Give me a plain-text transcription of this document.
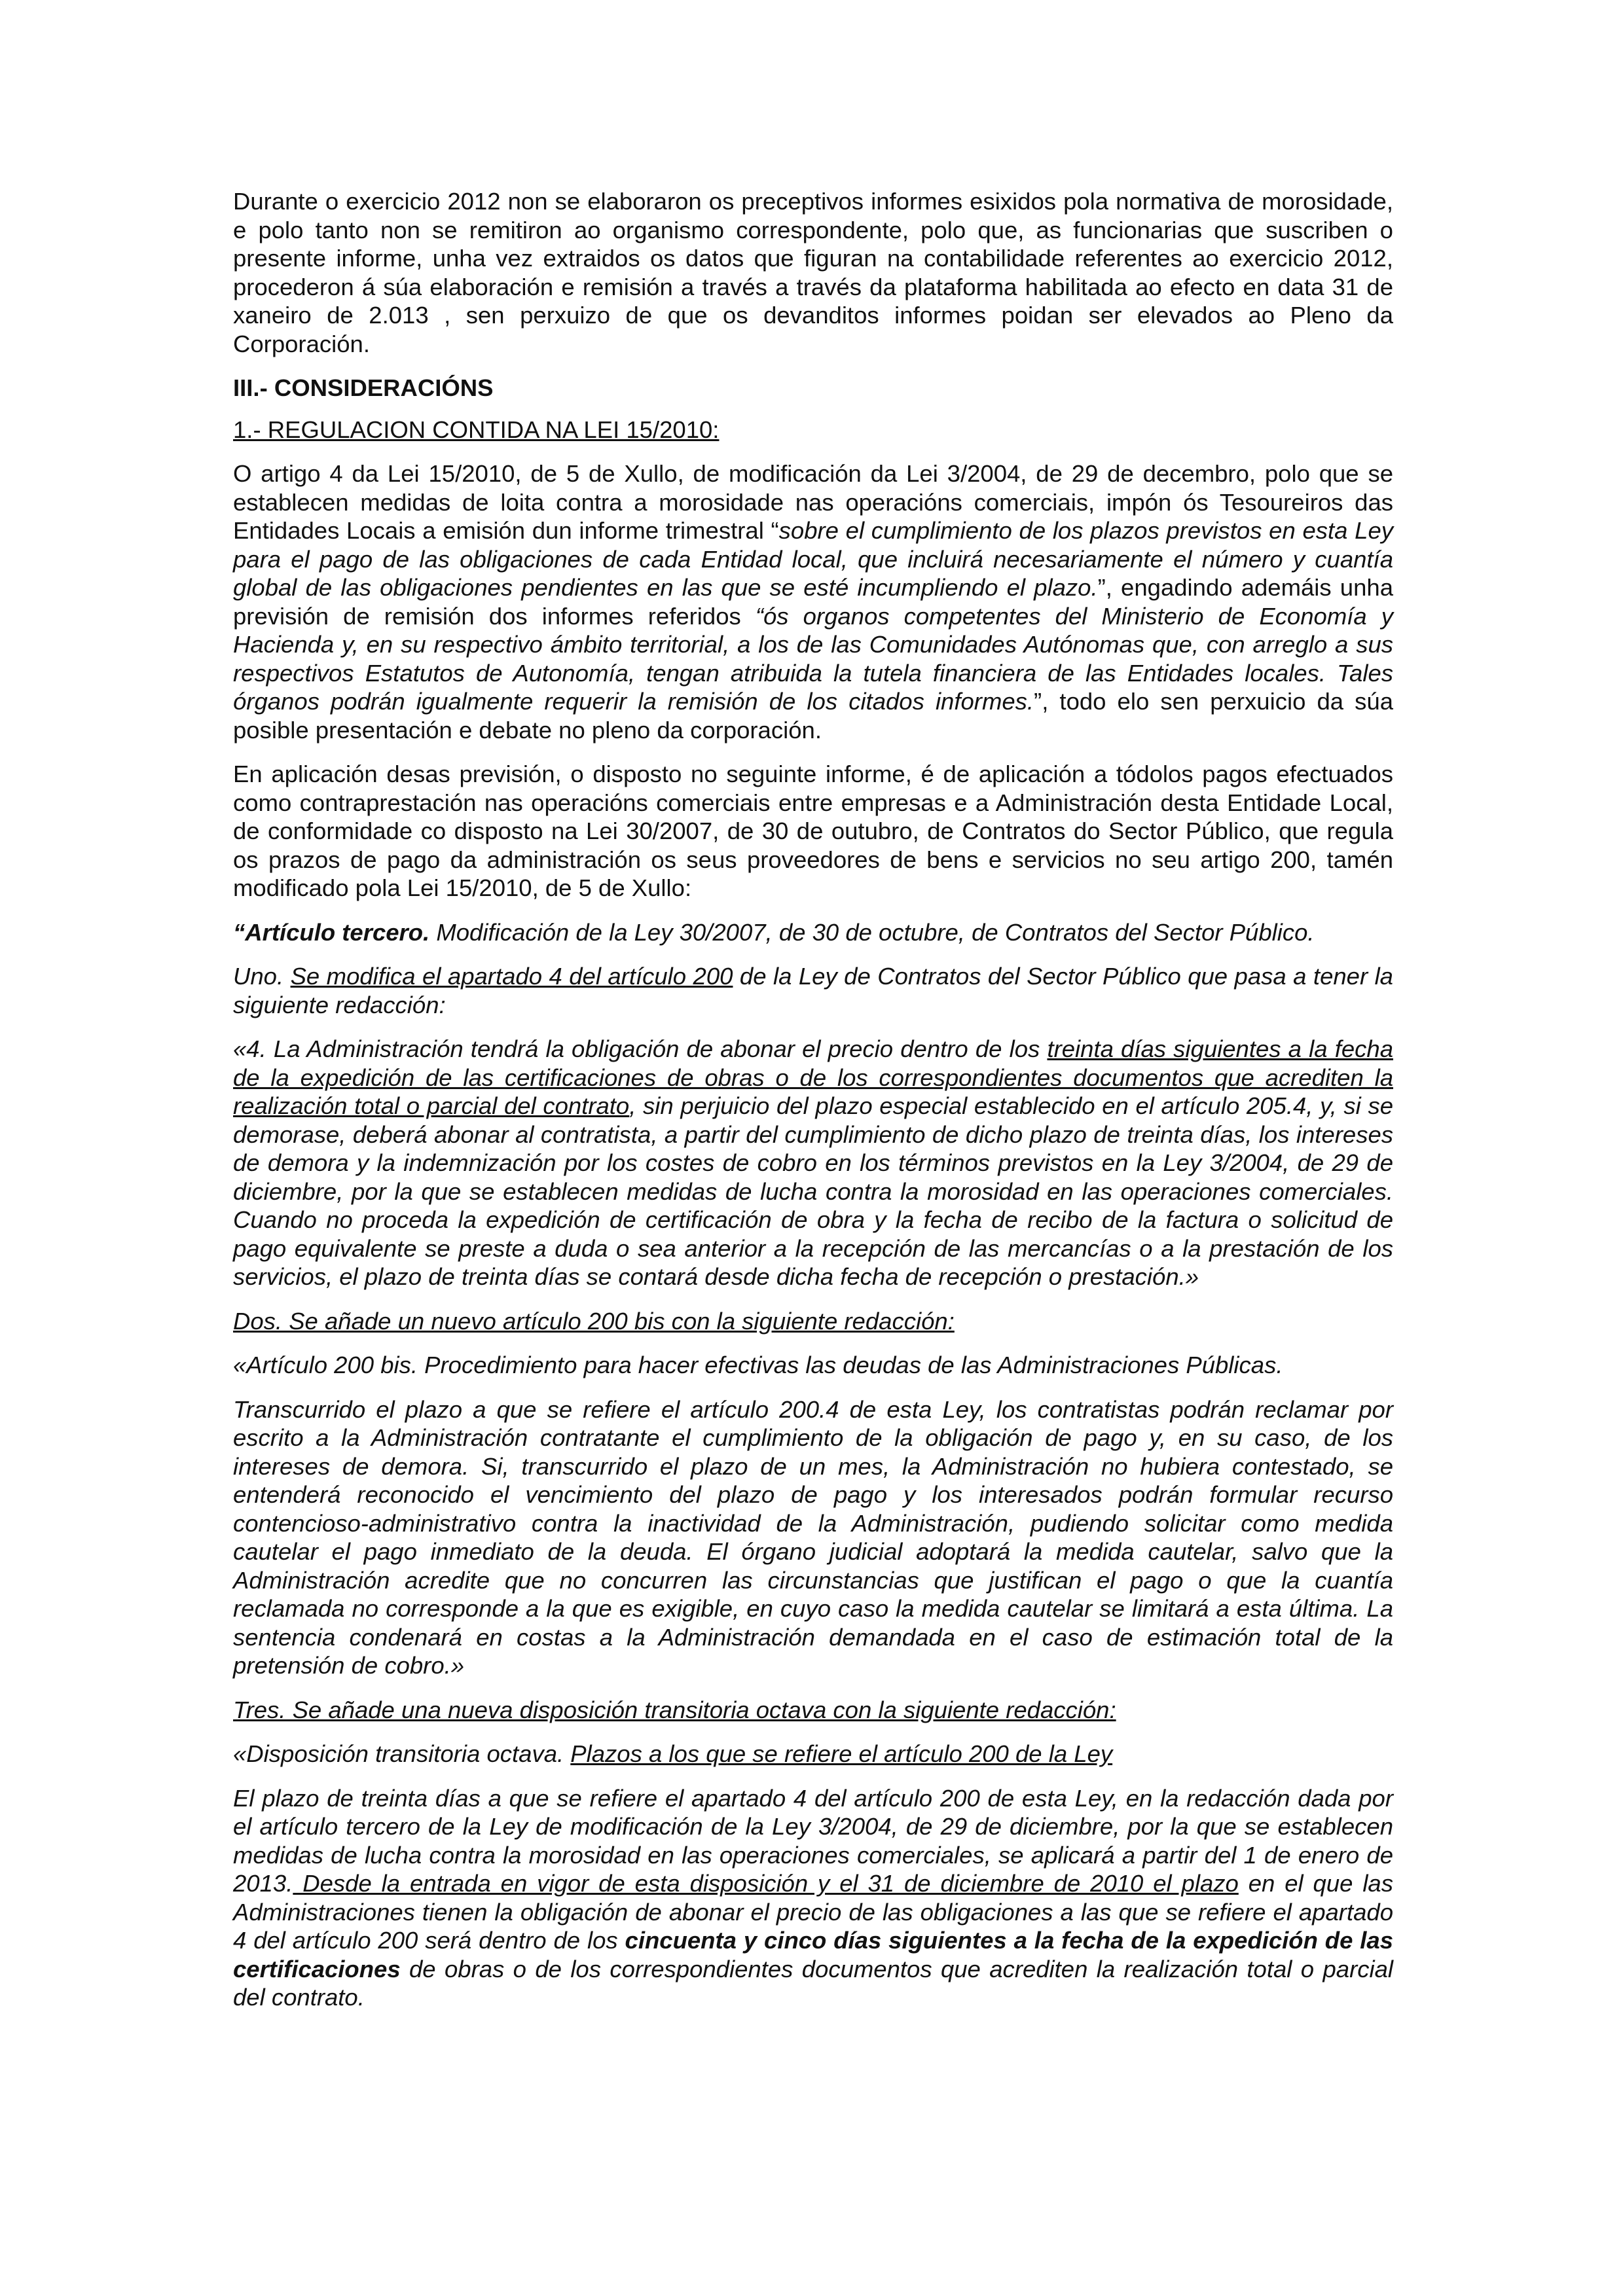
Durante o exercicio 2012 non se elaboraron os preceptivos informes esixidos pola normativa de morosidade, e polo tanto non se remitiron ao organismo correspondente, polo que, as funcionarias que suscriben o presente informe, unha vez extraidos os datos que figuran na contabilidade referentes ao exercicio 2012, procederon á súa elaboración e remisión a través a través da plataforma habilitada ao efecto en data 31 de xaneiro de 2.013 , sen perxuizo de que os devanditos informes poidan ser elevados ao Pleno da Corporación.

III.- CONSIDERACIÓNS

1.- REGULACION CONTIDA NA LEI 15/2010:

O artigo 4 da Lei 15/2010, de 5 de Xullo, de modificación da Lei 3/2004, de 29 de decembro, polo que se establecen medidas de loita contra a morosidade nas operacións comerciais, impón ós Tesoureiros das Entidades Locais a emisión dun informe trimestral “sobre el cumplimiento de los plazos previstos en esta Ley para el pago de las obligaciones de cada Entidad local, que incluirá necesariamente el número y cuantía global de las obligaciones pendientes en las que se esté incumpliendo el plazo.”, engadindo ademáis unha previsión de remisión dos informes referidos “ós organos competentes del Ministerio de Economía y Hacienda y, en su respectivo ámbito territorial, a los de las Comunidades Autónomas que, con arreglo a sus respectivos Estatutos de Autonomía, tengan atribuida la tutela financiera de las Entidades locales. Tales órganos podrán igualmente requerir la remisión de los citados informes.”, todo elo sen perxuicio da súa posible presentación e debate no pleno da corporación.

En aplicación desas previsión, o disposto no seguinte informe, é de aplicación a tódolos pagos efectuados como contraprestación nas operacións comerciais entre empresas e a Administración desta Entidade Local, de conformidade co disposto na Lei 30/2007, de 30 de outubro, de Contratos do Sector Público, que regula os prazos de pago da administración os seus proveedores de bens e servicios no seu artigo 200, tamén modificado pola Lei 15/2010, de 5 de Xullo:

“Artículo tercero. Modificación de la Ley 30/2007, de 30 de octubre, de Contratos del Sector Público.

Uno. Se modifica el apartado 4 del artículo 200 de la Ley de Contratos del Sector Público que pasa a tener la siguiente redacción:

«4. La Administración tendrá la obligación de abonar el precio dentro de los treinta días siguientes a la fecha de la expedición de las certificaciones de obras o de los correspondientes documentos que acrediten la realización total o parcial del contrato, sin perjuicio del plazo especial establecido en el artículo 205.4, y, si se demorase, deberá abonar al contratista, a partir del cumplimiento de dicho plazo de treinta días, los intereses de demora y la indemnización por los costes de cobro en los términos previstos en la Ley 3/2004, de 29 de diciembre, por la que se establecen medidas de lucha contra la morosidad en las operaciones comerciales. Cuando no proceda la expedición de certificación de obra y la fecha de recibo de la factura o solicitud de pago equivalente se preste a duda o sea anterior a la recepción de las mercancías o a la prestación de los servicios, el plazo de treinta días se contará desde dicha fecha de recepción o prestación.»

Dos. Se añade un nuevo artículo 200 bis con la siguiente redacción:

«Artículo 200 bis. Procedimiento para hacer efectivas las deudas de las Administraciones Públicas.

Transcurrido el plazo a que se refiere el artículo 200.4 de esta Ley, los contratistas podrán reclamar por escrito a la Administración contratante el cumplimiento de la obligación de pago y, en su caso, de los intereses de demora. Si, transcurrido el plazo de un mes, la Administración no hubiera contestado, se entenderá reconocido el vencimiento del plazo de pago y los interesados podrán formular recurso contencioso-administrativo contra la inactividad de la Administración, pudiendo solicitar como medida cautelar el pago inmediato de la deuda. El órgano judicial adoptará la medida cautelar, salvo que la Administración acredite que no concurren las circunstancias que justifican el pago o que la cuantía reclamada no corresponde a la que es exigible, en cuyo caso la medida cautelar se limitará a esta última. La sentencia condenará en costas a la Administración demandada en el caso de estimación total de la pretensión de cobro.»

Tres. Se añade una nueva disposición transitoria octava con la siguiente redacción:

«Disposición transitoria octava. Plazos a los que se refiere el artículo 200 de la Ley

El plazo de treinta días a que se refiere el apartado 4 del artículo 200 de esta Ley, en la redacción dada por el artículo tercero de la Ley de modificación de la Ley 3/2004, de 29 de diciembre, por la que se establecen medidas de lucha contra la morosidad en las operaciones comerciales, se aplicará a partir del 1 de enero de 2013. Desde la entrada en vigor de esta disposición y el 31 de diciembre de 2010 el plazo en el que las Administraciones tienen la obligación de abonar el precio de las obligaciones a las que se refiere el apartado 4 del artículo 200 será dentro de los cincuenta y cinco días siguientes a la fecha de la expedición de las certificaciones de obras o de los correspondientes documentos que acrediten la realización total o parcial del contrato.
